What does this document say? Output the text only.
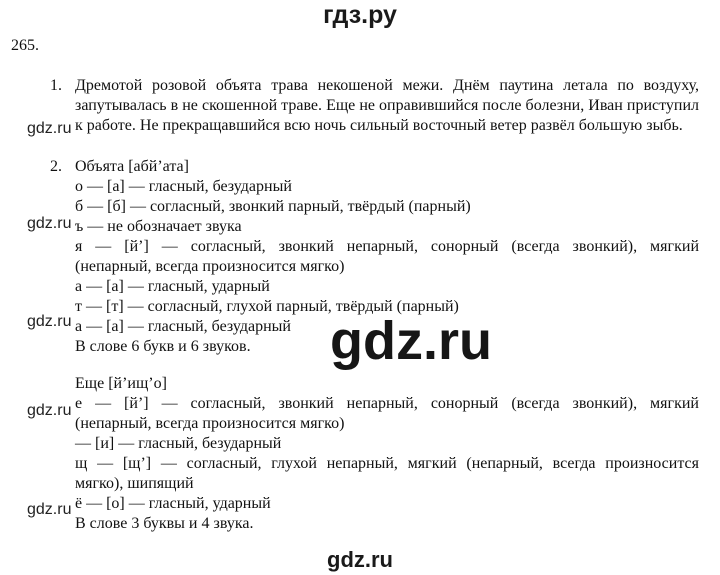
гдз.ру
265.
1. Дремотой розовой объята трава некошеной межи. Днём паутина летала по воздуху, запутывалась в не скошенной траве. Еще не оправившийся после болезни, Иван приступил к работе. Не прекращавшийся всю ночь сильный восточный ветер развёл большую зыбь.
2. Объята [абй’ата]
о — [а] — гласный, безударный
б — [б] — согласный, звонкий парный, твёрдый (парный)
ъ — не обозначает звука
я — [й’] — согласный, звонкий непарный, сонорный (всегда звонкий), мягкий
(непарный, всегда произносится мягко)
а — [а] — гласный, ударный
т — [т] — согласный, глухой парный, твёрдый (парный)
а — [а] — гласный, безударный
В слове 6 букв и 6 звуков.
Еще [й’ищ’о]
е — [й’] — согласный, звонкий непарный, сонорный (всегда звонкий), мягкий
(непарный, всегда произносится мягко)
— [и] — гласный, безударный
щ — [щ’] — согласный, глухой непарный, мягкий (непарный, всегда произносится
мягко), шипящий
ё — [о] — гласный, ударный
В слове 3 буквы и 4 звука.
gdz.ru
gdz.ru
gdz.ru
gdz.ru
gdz.ru
gdz.ru
gdz.ru
